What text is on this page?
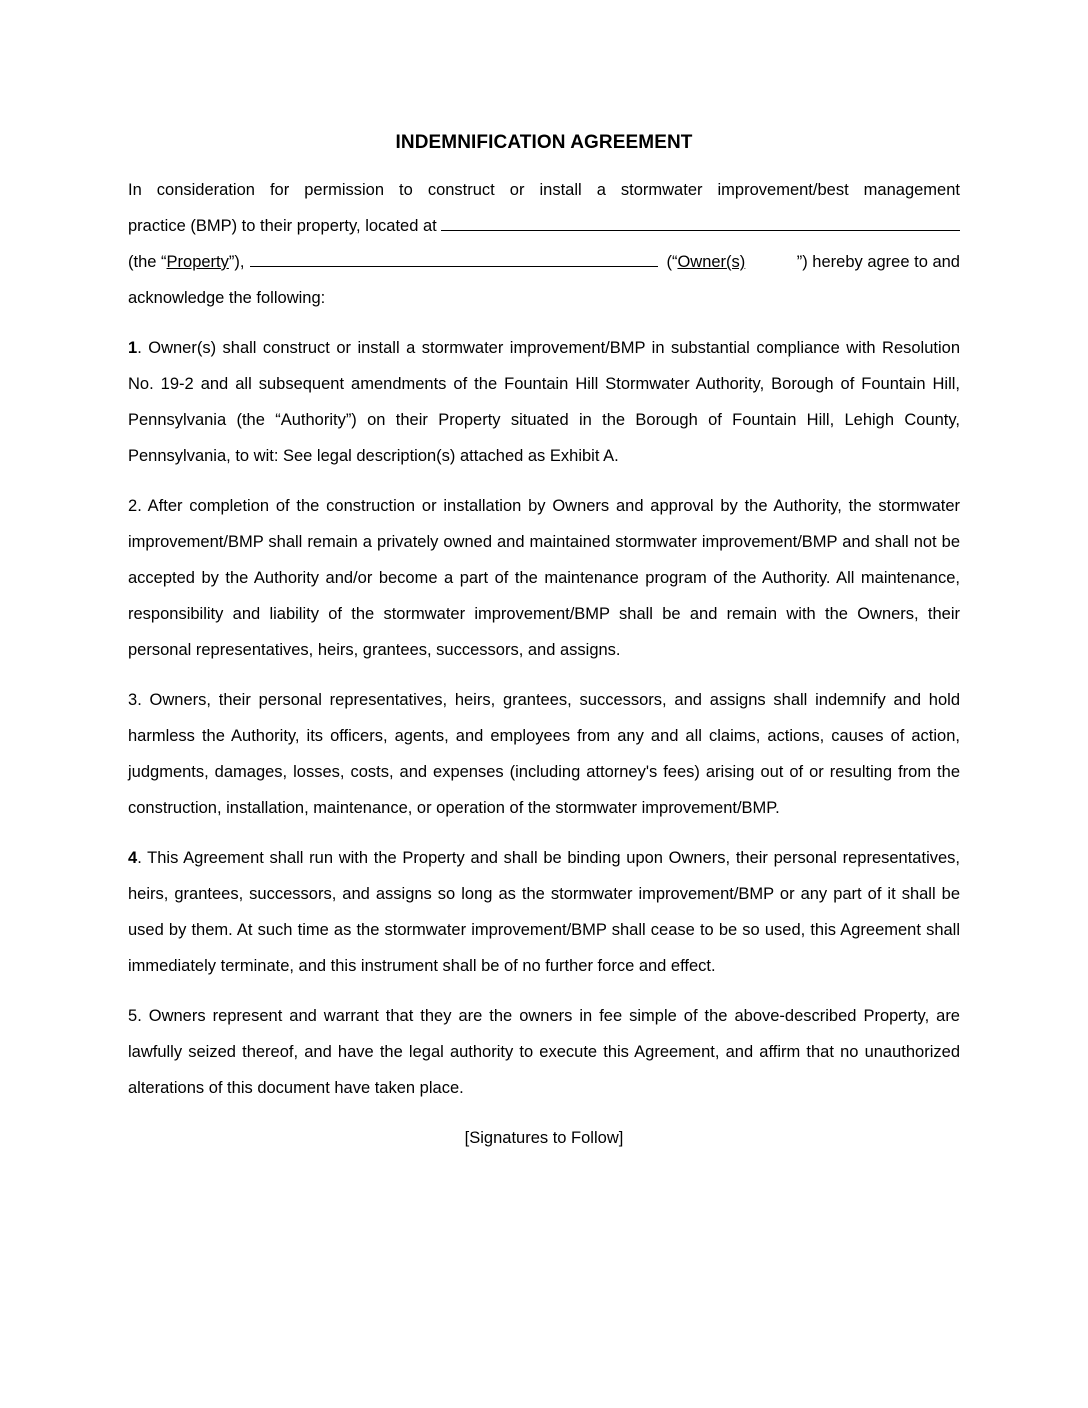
INDEMNIFICATION AGREEMENT
In consideration for permission to construct or install a stormwater improvement/best management
practice (BMP) to their property, located at
(the “ Property ”),	(“ Owner(s)	”) hereby agree to and
acknowledge the following:

1. Owner(s) shall construct or install a stormwater improvement/BMP in substantial compliance with Resolution No. 19-2 and all subsequent amendments of the Fountain Hill Stormwater Authority, Borough of Fountain Hill, Pennsylvania (the “Authority”) on their Property situated in the Borough of Fountain Hill, Lehigh County, Pennsylvania, to wit: See legal description(s) attached as Exhibit A.

2. After completion of the construction or installation by Owners and approval by the Authority, the stormwater improvement/BMP shall remain a privately owned and maintained stormwater improvement/BMP and shall not be accepted by the Authority and/or become a part of the maintenance program of the Authority. All maintenance, responsibility and liability of the stormwater improvement/BMP shall be and remain with the Owners, their personal representatives, heirs, grantees, successors, and assigns.

3. Owners, their personal representatives, heirs, grantees, successors, and assigns shall indemnify and hold harmless the Authority, its officers, agents, and employees from any and all claims, actions, causes of action, judgments, damages, losses, costs, and expenses (including attorney's fees) arising out of or resulting from the construction, installation, maintenance, or operation of the stormwater improvement/BMP.

4. This Agreement shall run with the Property and shall be binding upon Owners, their personal representatives, heirs, grantees, successors, and assigns so long as the stormwater improvement/BMP or any part of it shall be used by them. At such time as the stormwater improvement/BMP shall cease to be so used, this Agreement shall immediately terminate, and this instrument shall be of no further force and effect.

5. Owners represent and warrant that they are the owners in fee simple of the above-described Property, are lawfully seized thereof, and have the legal authority to execute this Agreement, and affirm that no unauthorized alterations of this document have taken place.

[Signatures to Follow]
